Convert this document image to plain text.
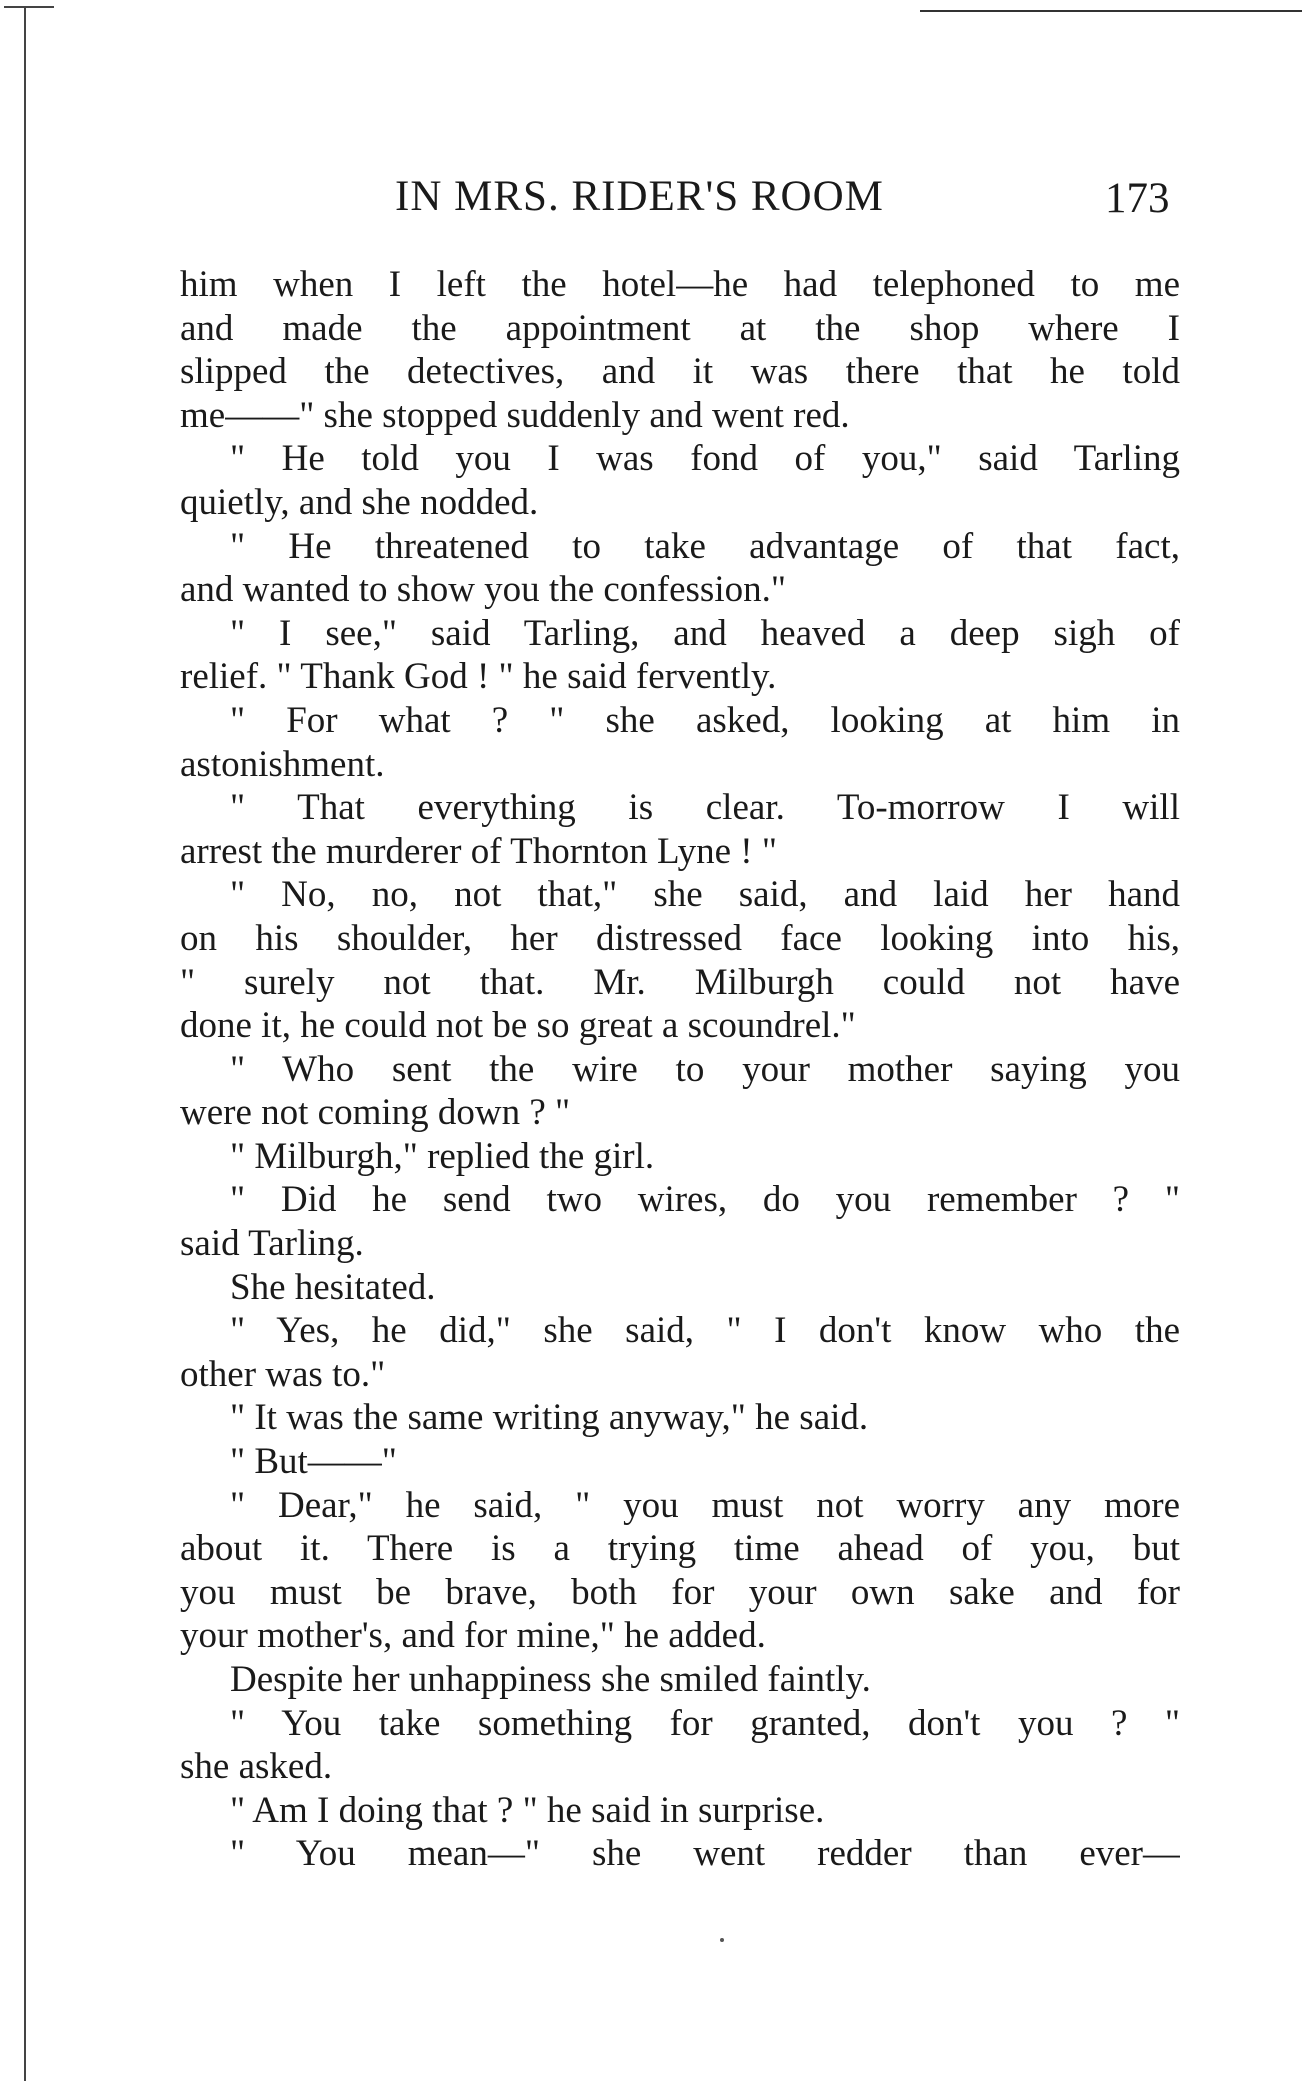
IN MRS. RIDER'S ROOM	173
him when I left the hotel—he had telephoned to me
and made the appointment at the shop where I
slipped the detectives, and it was there that he told
me——" she stopped suddenly and went red.
" He told you I was fond of you," said Tarling
quietly, and she nodded.
" He threatened to take advantage of that fact,
and wanted to show you the confession."
" I see," said Tarling, and heaved a deep sigh of
relief. " Thank God ! " he said fervently.
" For what ? " she asked, looking at him in
astonishment.
" That everything is clear. To-morrow I will
arrest the murderer of Thornton Lyne ! "
" No, no, not that," she said, and laid her hand
on his shoulder, her distressed face looking into his,
" surely not that. Mr. Milburgh could not have
done it, he could not be so great a scoundrel."
" Who sent the wire to your mother saying you
were not coming down ? "
" Milburgh," replied the girl.
" Did he send two wires, do you remember ? "
said Tarling.
She hesitated.
" Yes, he did," she said, " I don't know who the
other was to."
" It was the same writing anyway," he said.
" But——"
" Dear," he said, " you must not worry any more
about it. There is a trying time ahead of you, but
you must be brave, both for your own sake and for
your mother's, and for mine," he added.
Despite her unhappiness she smiled faintly.
" You take something for granted, don't you ? "
she asked.
" Am I doing that ? " he said in surprise.
" You mean—" she went redder than ever—
